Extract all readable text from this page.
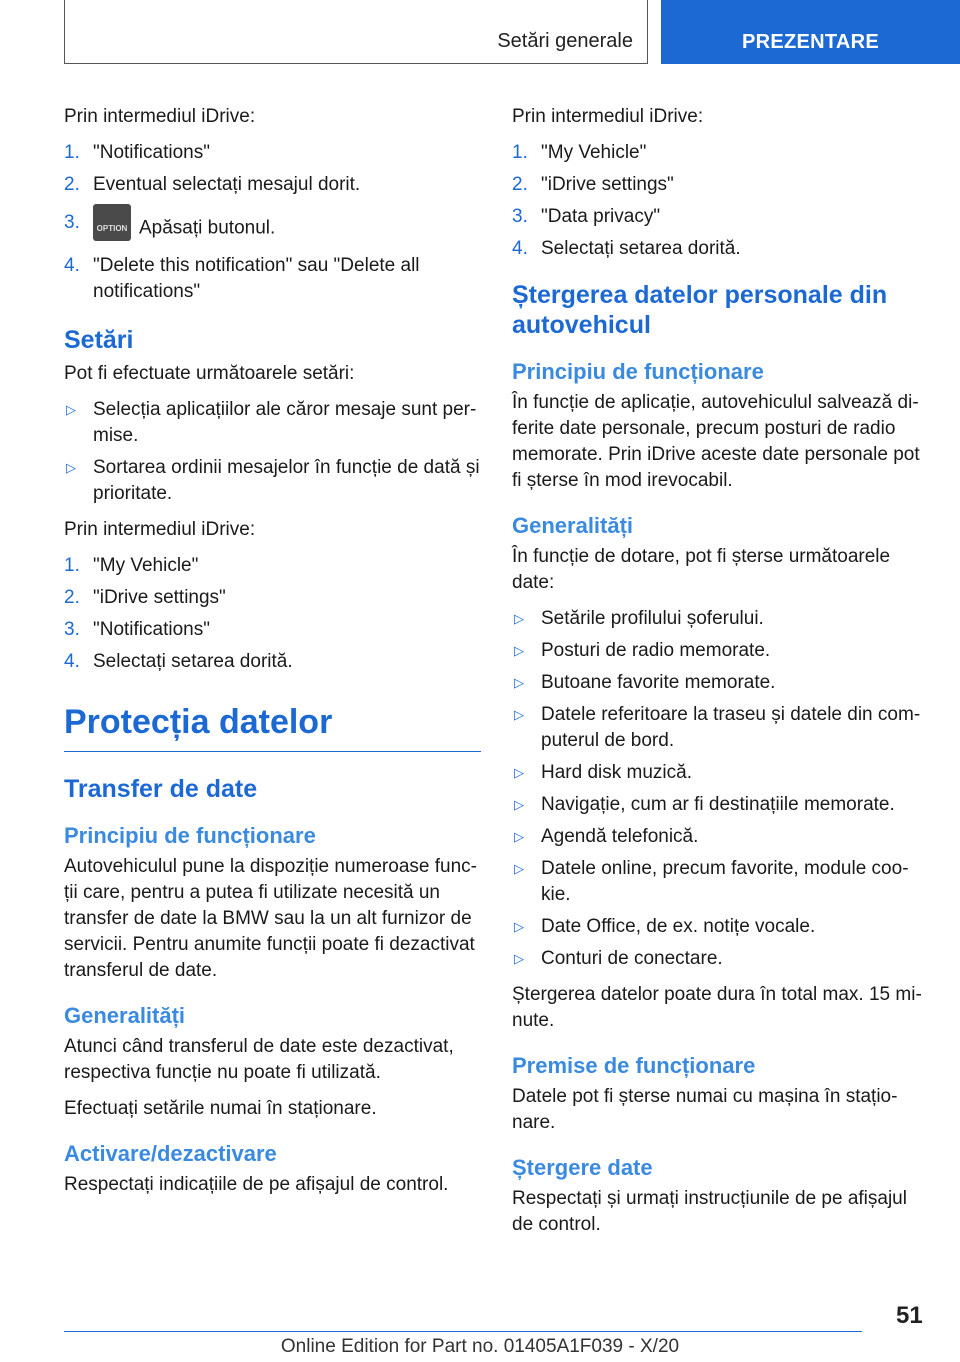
Setări generale	PREZENTARE

Prin intermediul iDrive:

1. "Notifications"
2. Eventual selectați mesajul dorit.
3.	OPTION Apăsați butonul.
4. "Delete this notification" sau "Delete all notifications"
Setări

Pot fi efectuate următoarele setări:

▷ Selecția aplicațiilor ale căror mesaje sunt permise.
▷ Sortarea ordinii mesajelor în funcție de dată și prioritate.

Prin intermediul iDrive:

1. "My Vehicle"
2. "iDrive settings"
3. "Notifications"
4. Selectați setarea dorită.
Protecția datelor
Transfer de date
Principiu de funcționare

Autovehiculul pune la dispoziție numeroase funcții care, pentru a putea fi utilizate necesită un transfer de date la BMW sau la un alt furnizor de servicii. Pentru anumite funcții poate fi dezactivat transferul de date.

Generalități

Atunci când transferul de date este dezactivat, respectiva funcție nu poate fi utilizată.

Efectuați setările numai în staționare.

Activare/dezactivare

Respectați indicațiile de pe afișajul de control.

Prin intermediul iDrive:

1. "My Vehicle"
2. "iDrive settings"
3. "Data privacy"
4. Selectați setarea dorită.
Ștergerea datelor personale din autovehicul
Principiu de funcționare

În funcție de aplicație, autovehiculul salvează diferite date personale, precum posturi de radio memorate. Prin iDrive aceste date personale pot fi șterse în mod irevocabil.

Generalități

În funcție de dotare, pot fi șterse următoarele date:

▷ Setările profilului șoferului.
▷ Posturi de radio memorate.
▷ Butoane favorite memorate.
▷ Datele referitoare la traseu și datele din computerul de bord.
▷ Hard disk muzică.
▷ Navigație, cum ar fi destinațiile memorate.
▷ Agendă telefonică.
▷ Datele online, precum favorite, module cookie.
▷ Date Office, de ex. notițe vocale.
▷ Conturi de conectare.

Ștergerea datelor poate dura în total max. 15 minute.

Premise de funcționare

Datele pot fi șterse numai cu mașina în staționare.

Ștergere date

Respectați și urmați instrucțiunile de pe afișajul de control.

51
Online Edition for Part no. 01405A1F039 - X/20
